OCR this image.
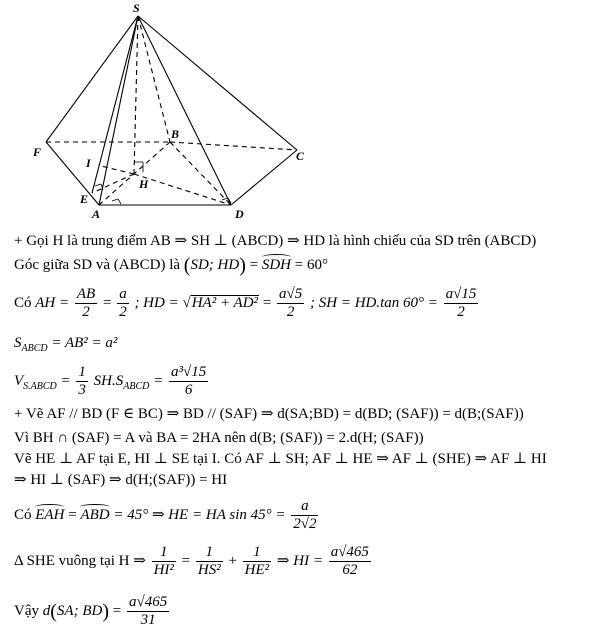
S
B
C
F
I
H
E
A	D
+ Gọi H là trung điểm AB ⇒ SH ⊥ (ABCD) ⇒ HD là hình chiếu của SD trên (ABCD)
Góc giữa SD và (ABCD) là (SD; HD) = SDH = 60°
Có AH = $\frac{AB}{2} = \frac{a}{2}$ ; HD = $√HA^2 + AD^2 = \frac{a√5}{2}$ ; SH = HD.tan $60^\circ = \frac{a√15}{2}$
$S_{ABCD} = AB^2 = a^2$
$V_{S.ABCD} = \frac{1}{3} SH.S_{ABCD} = \frac{\text{a³√15}}{6}$
+ Vẽ AF // BD (F ∈ BC) ⇒ BD // (SAF) ⇒ d(SA;BD) = d(BD; (SAF)) = d(B;(SAF))
Vì BH ∩ (SAF) = A và BA = 2HA nên d(B; (SAF)) = 2.d(H; (SAF))
Vẽ HE ⊥ AF tại E, HI ⊥ SE tại I. Có AF ⊥ SH; AF ⊥ HE ⇒ AF ⊥ (SHE) ⇒ AF ⊥ HI
⇒ HI ⊥ (SAF) ⇒ d(H;(SAF)) = HI
Có EAH = ABD = 45° ⇒ HE = HA $\sin 45^\circ = \frac{a}{2√2}$
Δ SHE vuông tại H ⇒ $\frac{1}{\text{HI²}} = \frac{1}{\text{HS²}} + \frac{1}{\text{HE²}}$ ⇒ HI = $\frac{a√465}{62}$
Vậy d(SA; $BD) = \frac{a√465}{31}$
